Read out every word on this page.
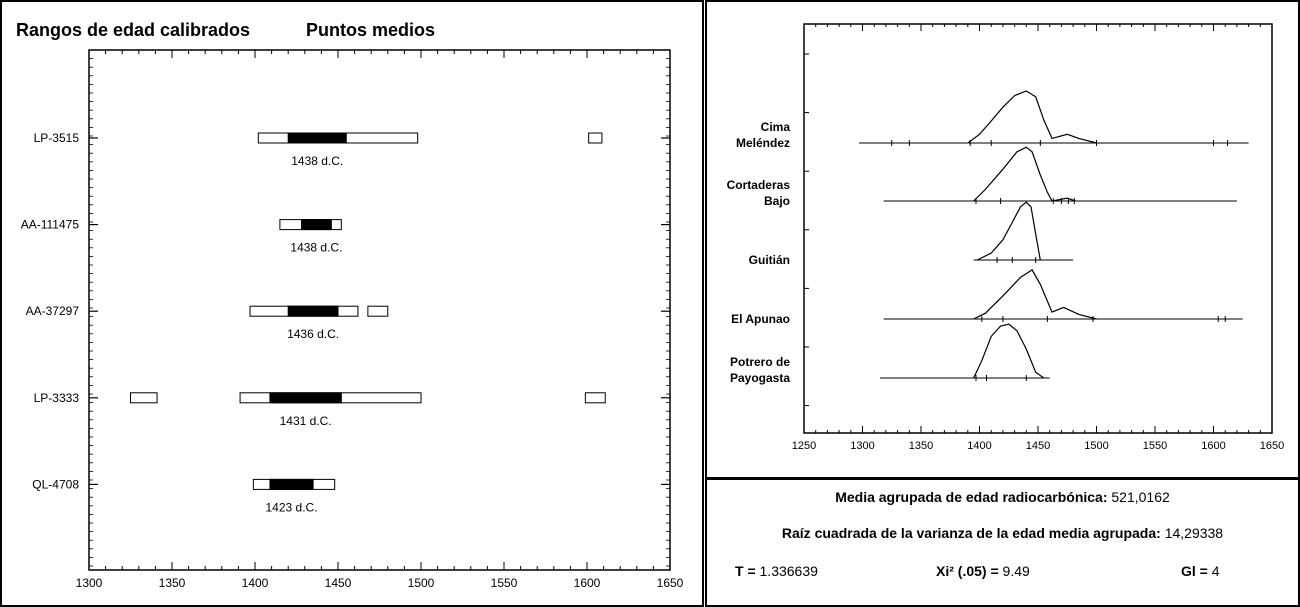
Rangos de edad calibrados	Puntos medios
1300	1350	1400	1450	1500	1550	1600	1650
LP-3515
1438 d.C.
AA-111475
1438 d.C.
AA-37297
1436 d.C.
LP-3333
1431 d.C.
QL-4708
1423 d.C.
1250	1300	1350	1400	1450	1500	1550	1600	1650
Cima
Meléndez
Cortaderas
Bajo
Guitián
El Apunao
Potrero de
Payogasta
Media agrupada de edad radiocarbónica: 521,0162
Raíz cuadrada de la varianza de la edad media agrupada: 14,29338
T = 1.336639	Xi² (.05) = 9.49	Gl = 4
